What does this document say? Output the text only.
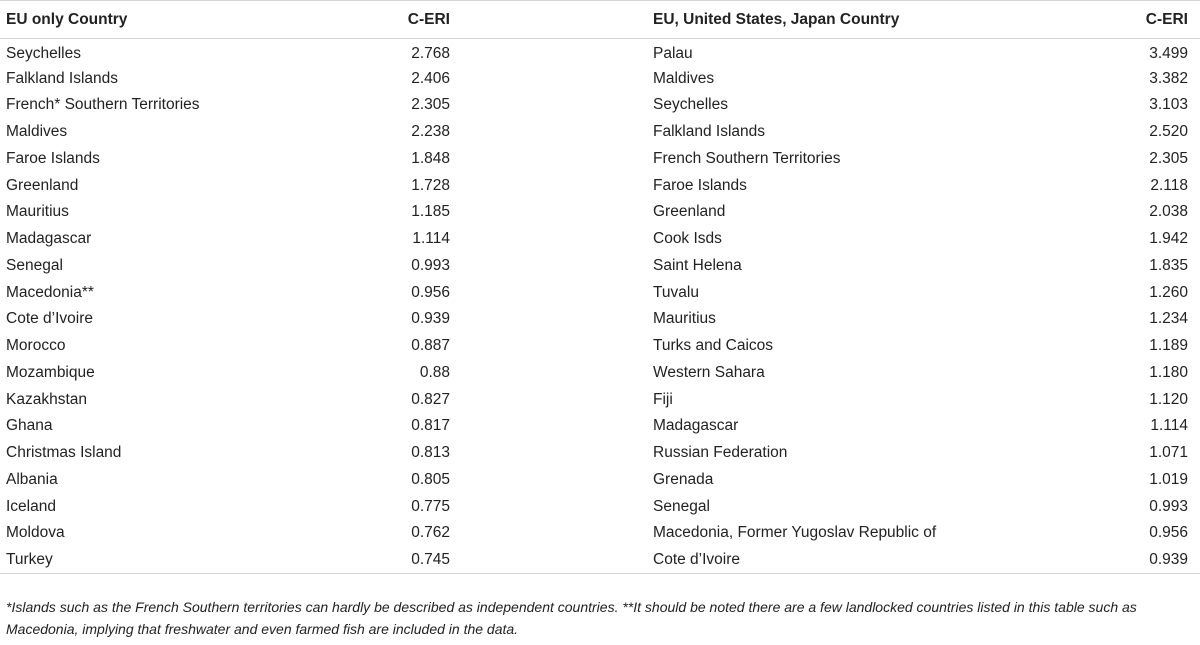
EU only Country	C-ERI		EU, United States, Japan Country	C-ERI
Seychelles	2.768		Palau	3.499
Falkland Islands	2.406		Maldives	3.382
French* Southern Territories	2.305		Seychelles	3.103
Maldives	2.238		Falkland Islands	2.520
Faroe Islands	1.848		French Southern Territories	2.305
Greenland	1.728		Faroe Islands	2.118
Mauritius	1.185		Greenland	2.038
Madagascar	1.114		Cook Isds	1.942
Senegal	0.993		Saint Helena	1.835
Macedonia**	0.956		Tuvalu	1.260
Cote d’Ivoire	0.939		Mauritius	1.234
Morocco	0.887		Turks and Caicos	1.189
Mozambique	0.88		Western Sahara	1.180
Kazakhstan	0.827		Fiji	1.120
Ghana	0.817		Madagascar	1.114
Christmas Island	0.813		Russian Federation	1.071
Albania	0.805		Grenada	1.019
Iceland	0.775		Senegal	0.993
Moldova	0.762		Macedonia, Former Yugoslav Republic of	0.956
Turkey	0.745		Cote d’Ivoire	0.939
*Islands such as the French Southern territories can hardly be described as independent countries. **It should be noted there are a few landlocked countries listed in this table such as Macedonia, implying that freshwater and even farmed fish are included in the data.
